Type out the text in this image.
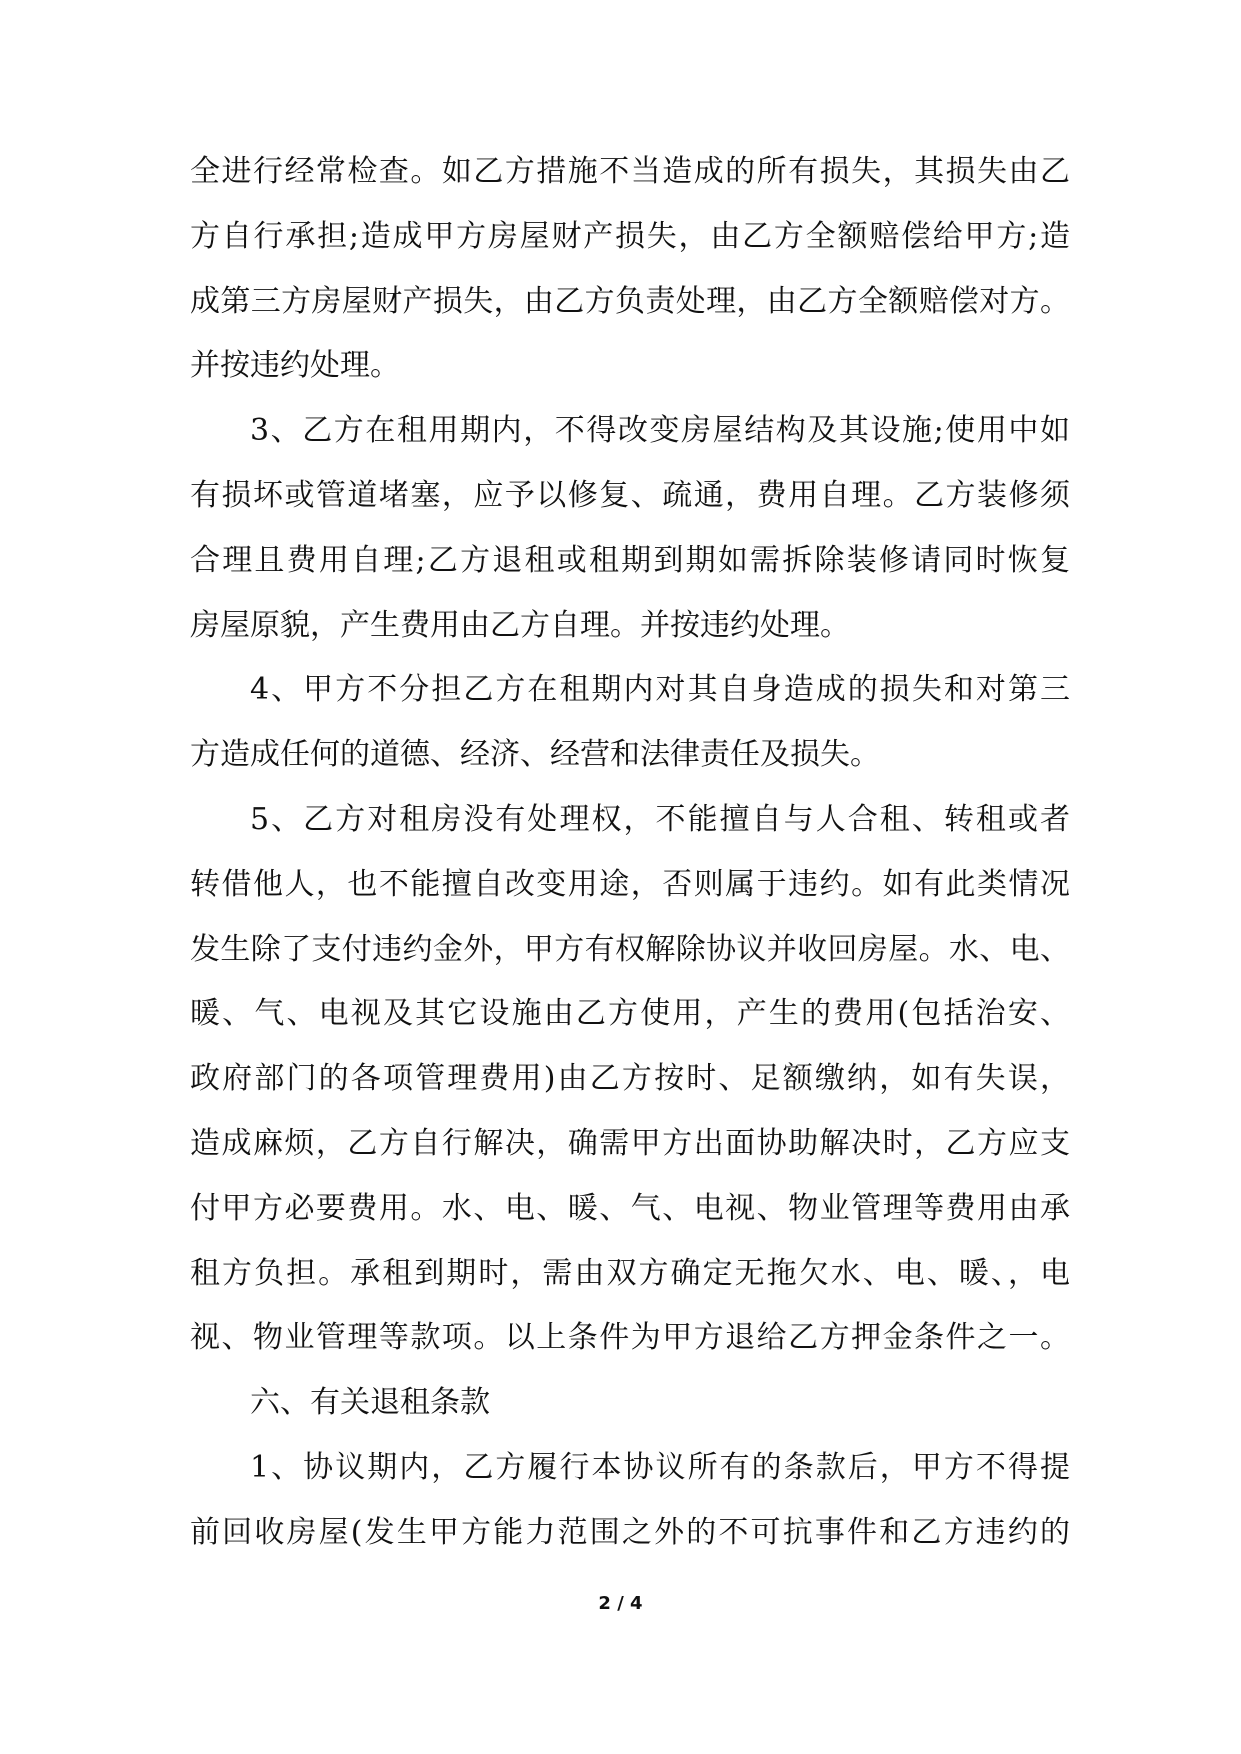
全进行经常检查。如乙方措施不当造成的所有损失，其损失由乙
方自行承担;造成甲方房屋财产损失，由乙方全额赔偿给甲方;造
成第三方房屋财产损失，由乙方负责处理，由乙方全额赔偿对方。
并按违约处理。
3、乙方在租用期内，不得改变房屋结构及其设施;使用中如
有损坏或管道堵塞，应予以修复、疏通，费用自理。乙方装修须
合理且费用自理;乙方退租或租期到期如需拆除装修请同时恢复
房屋原貌，产生费用由乙方自理。并按违约处理。
4、甲方不分担乙方在租期内对其自身造成的损失和对第三
方造成任何的道德、经济、经营和法律责任及损失。
5、乙方对租房没有处理权，不能擅自与人合租、转租或者
转借他人，也不能擅自改变用途，否则属于违约。如有此类情况
发生除了支付违约金外，甲方有权解除协议并收回房屋。水、电、
暖、气、电视及其它设施由乙方使用，产生的费用(包括治安、
政府部门的各项管理费用)由乙方按时、足额缴纳，如有失误，
造成麻烦，乙方自行解决，确需甲方出面协助解决时，乙方应支
付甲方必要费用。水、电、暖、气、电视、物业管理等费用由承
租方负担。承租到期时，需由双方确定无拖欠水、电、暖、，电
视、物业管理等款项。以上条件为甲方退给乙方押金条件之一。
六、有关退租条款
1、协议期内，乙方履行本协议所有的条款后，甲方不得提
前回收房屋(发生甲方能力范围之外的不可抗事件和乙方违约的
2 / 4
